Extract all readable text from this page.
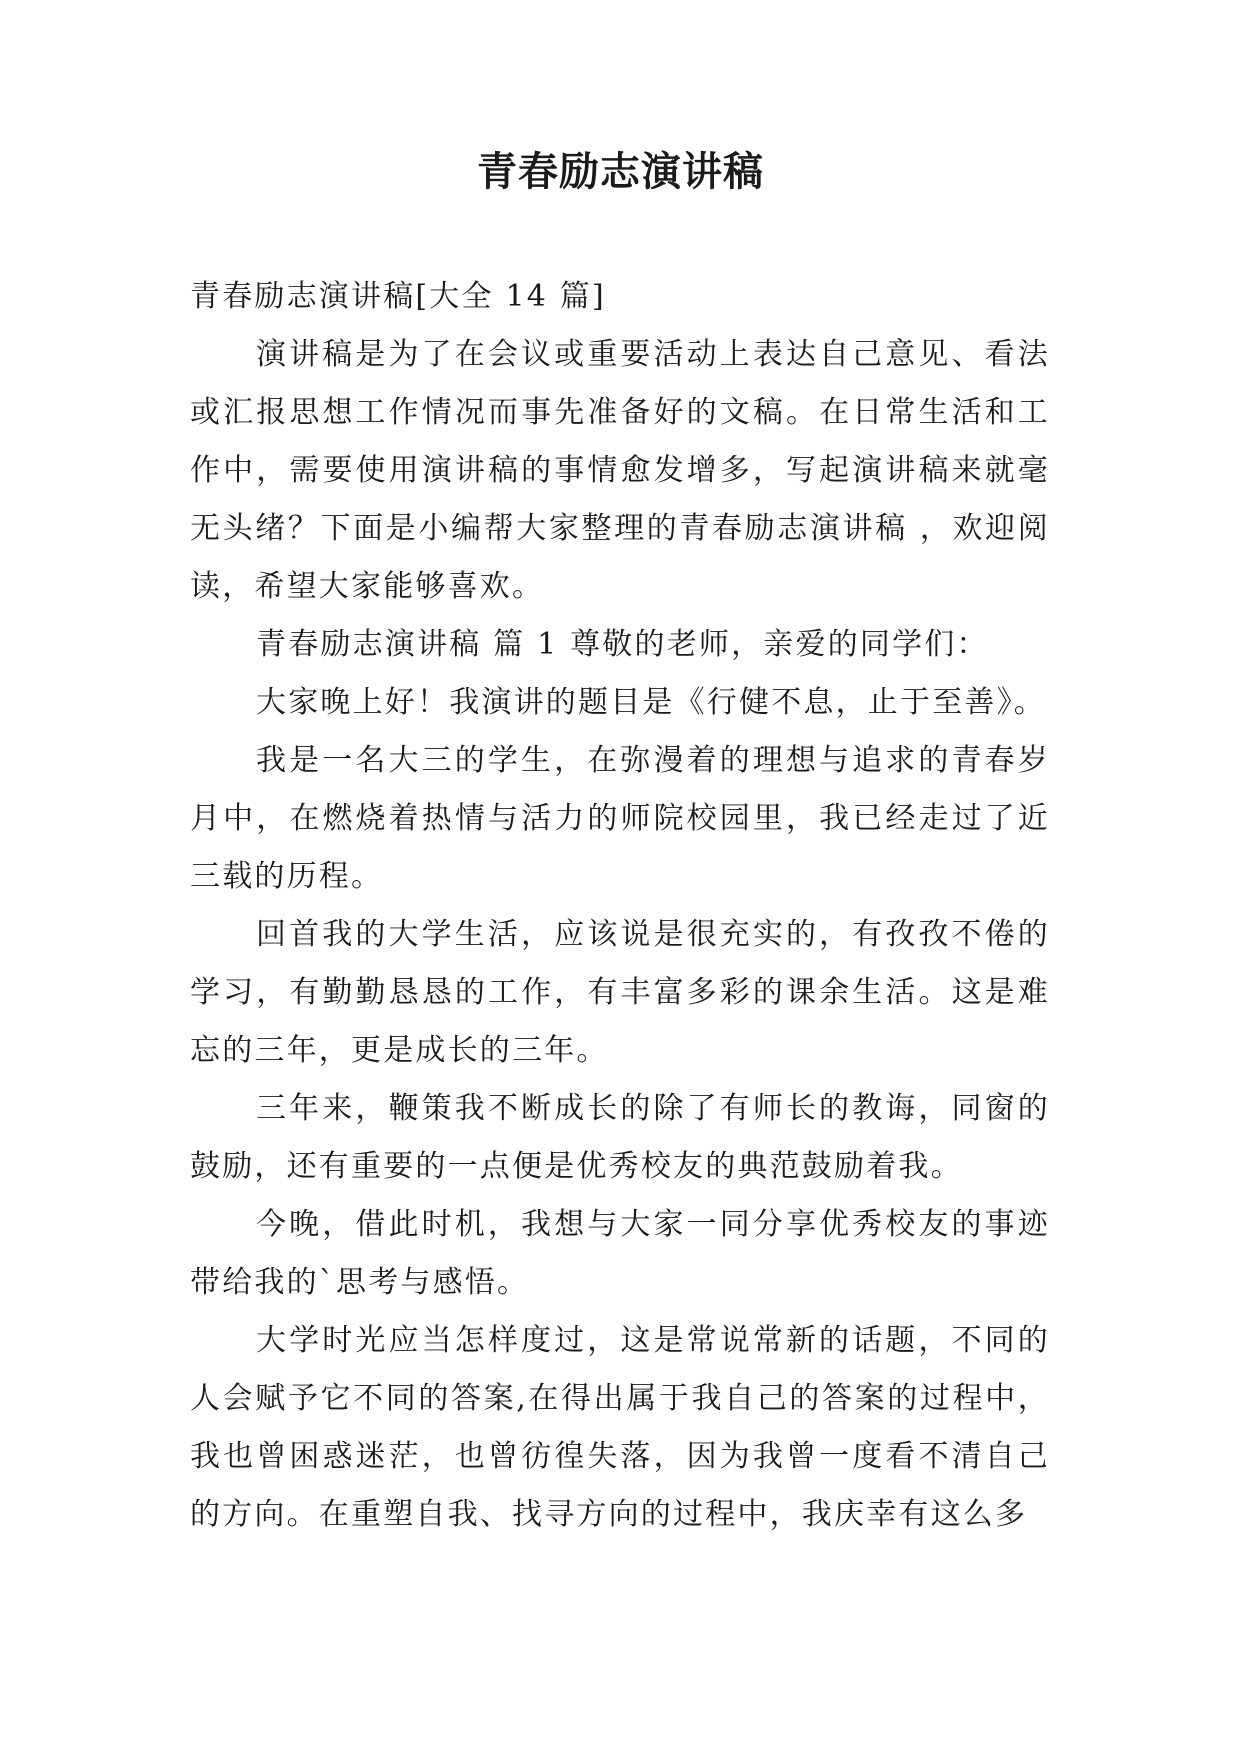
青春励志演讲稿

青春励志演讲稿[大全 14 篇]

演讲稿是为了在会议或重要活动上表达自己意见、看法或汇报思想工作情况而事先准备好的文稿。在日常生活和工作中，需要使用演讲稿的事情愈发增多，写起演讲稿来就毫无头绪？下面是小编帮大家整理的青春励志演讲稿 ，欢迎阅读，希望大家能够喜欢。

青春励志演讲稿 篇 1 尊敬的老师，亲爱的同学们：

大家晚上好！我演讲的题目是《行健不息，止于至善》。

我是一名大三的学生，在弥漫着的理想与追求的青春岁月中，在燃烧着热情与活力的师院校园里，我已经走过了近三载的历程。

回首我的大学生活，应该说是很充实的，有孜孜不倦的学习，有勤勤恳恳的工作，有丰富多彩的课余生活。这是难忘的三年，更是成长的三年。

三年来，鞭策我不断成长的除了有师长的教诲，同窗的鼓励，还有重要的一点便是优秀校友的典范鼓励着我。

今晚，借此时机，我想与大家一同分享优秀校友的事迹带给我的`思考与感悟。

大学时光应当怎样度过，这是常说常新的话题，不同的人会赋予它不同的答案,在得出属于我自己的答案的过程中，我也曾困惑迷茫，也曾彷徨失落，因为我曾一度看不清自己的方向。在重塑自我、找寻方向的过程中，我庆幸有这么多
